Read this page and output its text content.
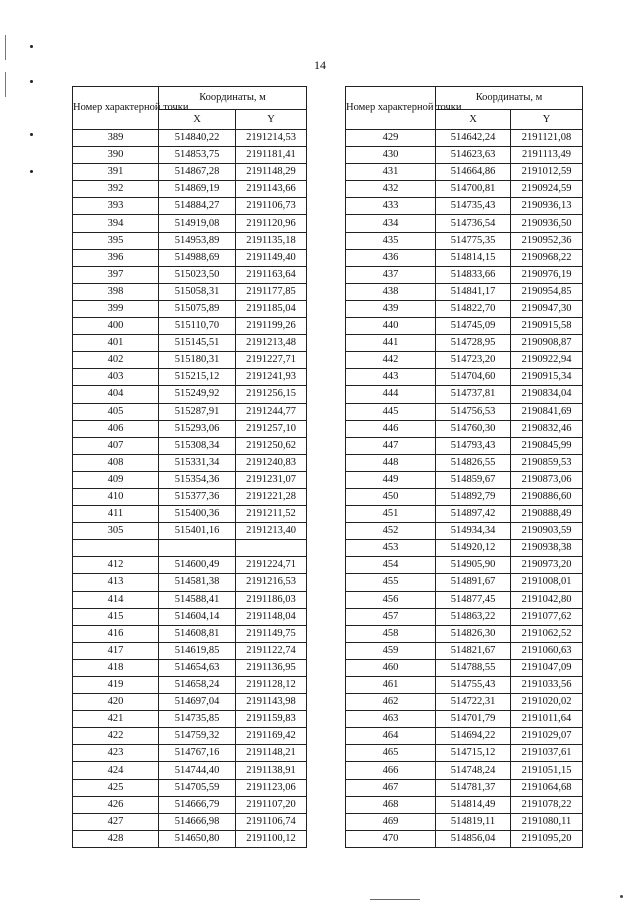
14
Номер характерной точки	Координаты, м	
	X	Y
389	514840,22	2191214,53
390	514853,75	2191181,41
391	514867,28	2191148,29
392	514869,19	2191143,66
393	514884,27	2191106,73
394	514919,08	2191120,96
395	514953,89	2191135,18
396	514988,69	2191149,40
397	515023,50	2191163,64
398	515058,31	2191177,85
399	515075,89	2191185,04
400	515110,70	2191199,26
401	515145,51	2191213,48
402	515180,31	2191227,71
403	515215,12	2191241,93
404	515249,92	2191256,15
405	515287,91	2191244,77
406	515293,06	2191257,10
407	515308,34	2191250,62
408	515331,34	2191240,83
409	515354,36	2191231,07
410	515377,36	2191221,28
411	515400,36	2191211,52
305	515401,16	2191213,40

412	514600,49	2191224,71
413	514581,38	2191216,53
414	514588,41	2191186,03
415	514604,14	2191148,04
416	514608,81	2191149,75
417	514619,85	2191122,74
418	514654,63	2191136,95
419	514658,24	2191128,12
420	514697,04	2191143,98
421	514735,85	2191159,83
422	514759,32	2191169,42
423	514767,16	2191148,21
424	514744,40	2191138,91
425	514705,59	2191123,06
426	514666,79	2191107,20
427	514666,98	2191106,74
428	514650,80	2191100,12
Номер характерной точки	Координаты, м	
	X	Y
429	514642,24	2191121,08
430	514623,63	2191113,49
431	514664,86	2191012,59
432	514700,81	2190924,59
433	514735,43	2190936,13
434	514736,54	2190936,50
435	514775,35	2190952,36
436	514814,15	2190968,22
437	514833,66	2190976,19
438	514841,17	2190954,85
439	514822,70	2190947,30
440	514745,09	2190915,58
441	514728,95	2190908,87
442	514723,20	2190922,94
443	514704,60	2190915,34
444	514737,81	2190834,04
445	514756,53	2190841,69
446	514760,30	2190832,46
447	514793,43	2190845,99
448	514826,55	2190859,53
449	514859,67	2190873,06
450	514892,79	2190886,60
451	514897,42	2190888,49
452	514934,34	2190903,59
453	514920,12	2190938,38
454	514905,90	2190973,20
455	514891,67	2191008,01
456	514877,45	2191042,80
457	514863,22	2191077,62
458	514826,30	2191062,52
459	514821,67	2191060,63
460	514788,55	2191047,09
461	514755,43	2191033,56
462	514722,31	2191020,02
463	514701,79	2191011,64
464	514694,22	2191029,07
465	514715,12	2191037,61
466	514748,24	2191051,15
467	514781,37	2191064,68
468	514814,49	2191078,22
469	514819,11	2191080,11
470	514856,04	2191095,20
